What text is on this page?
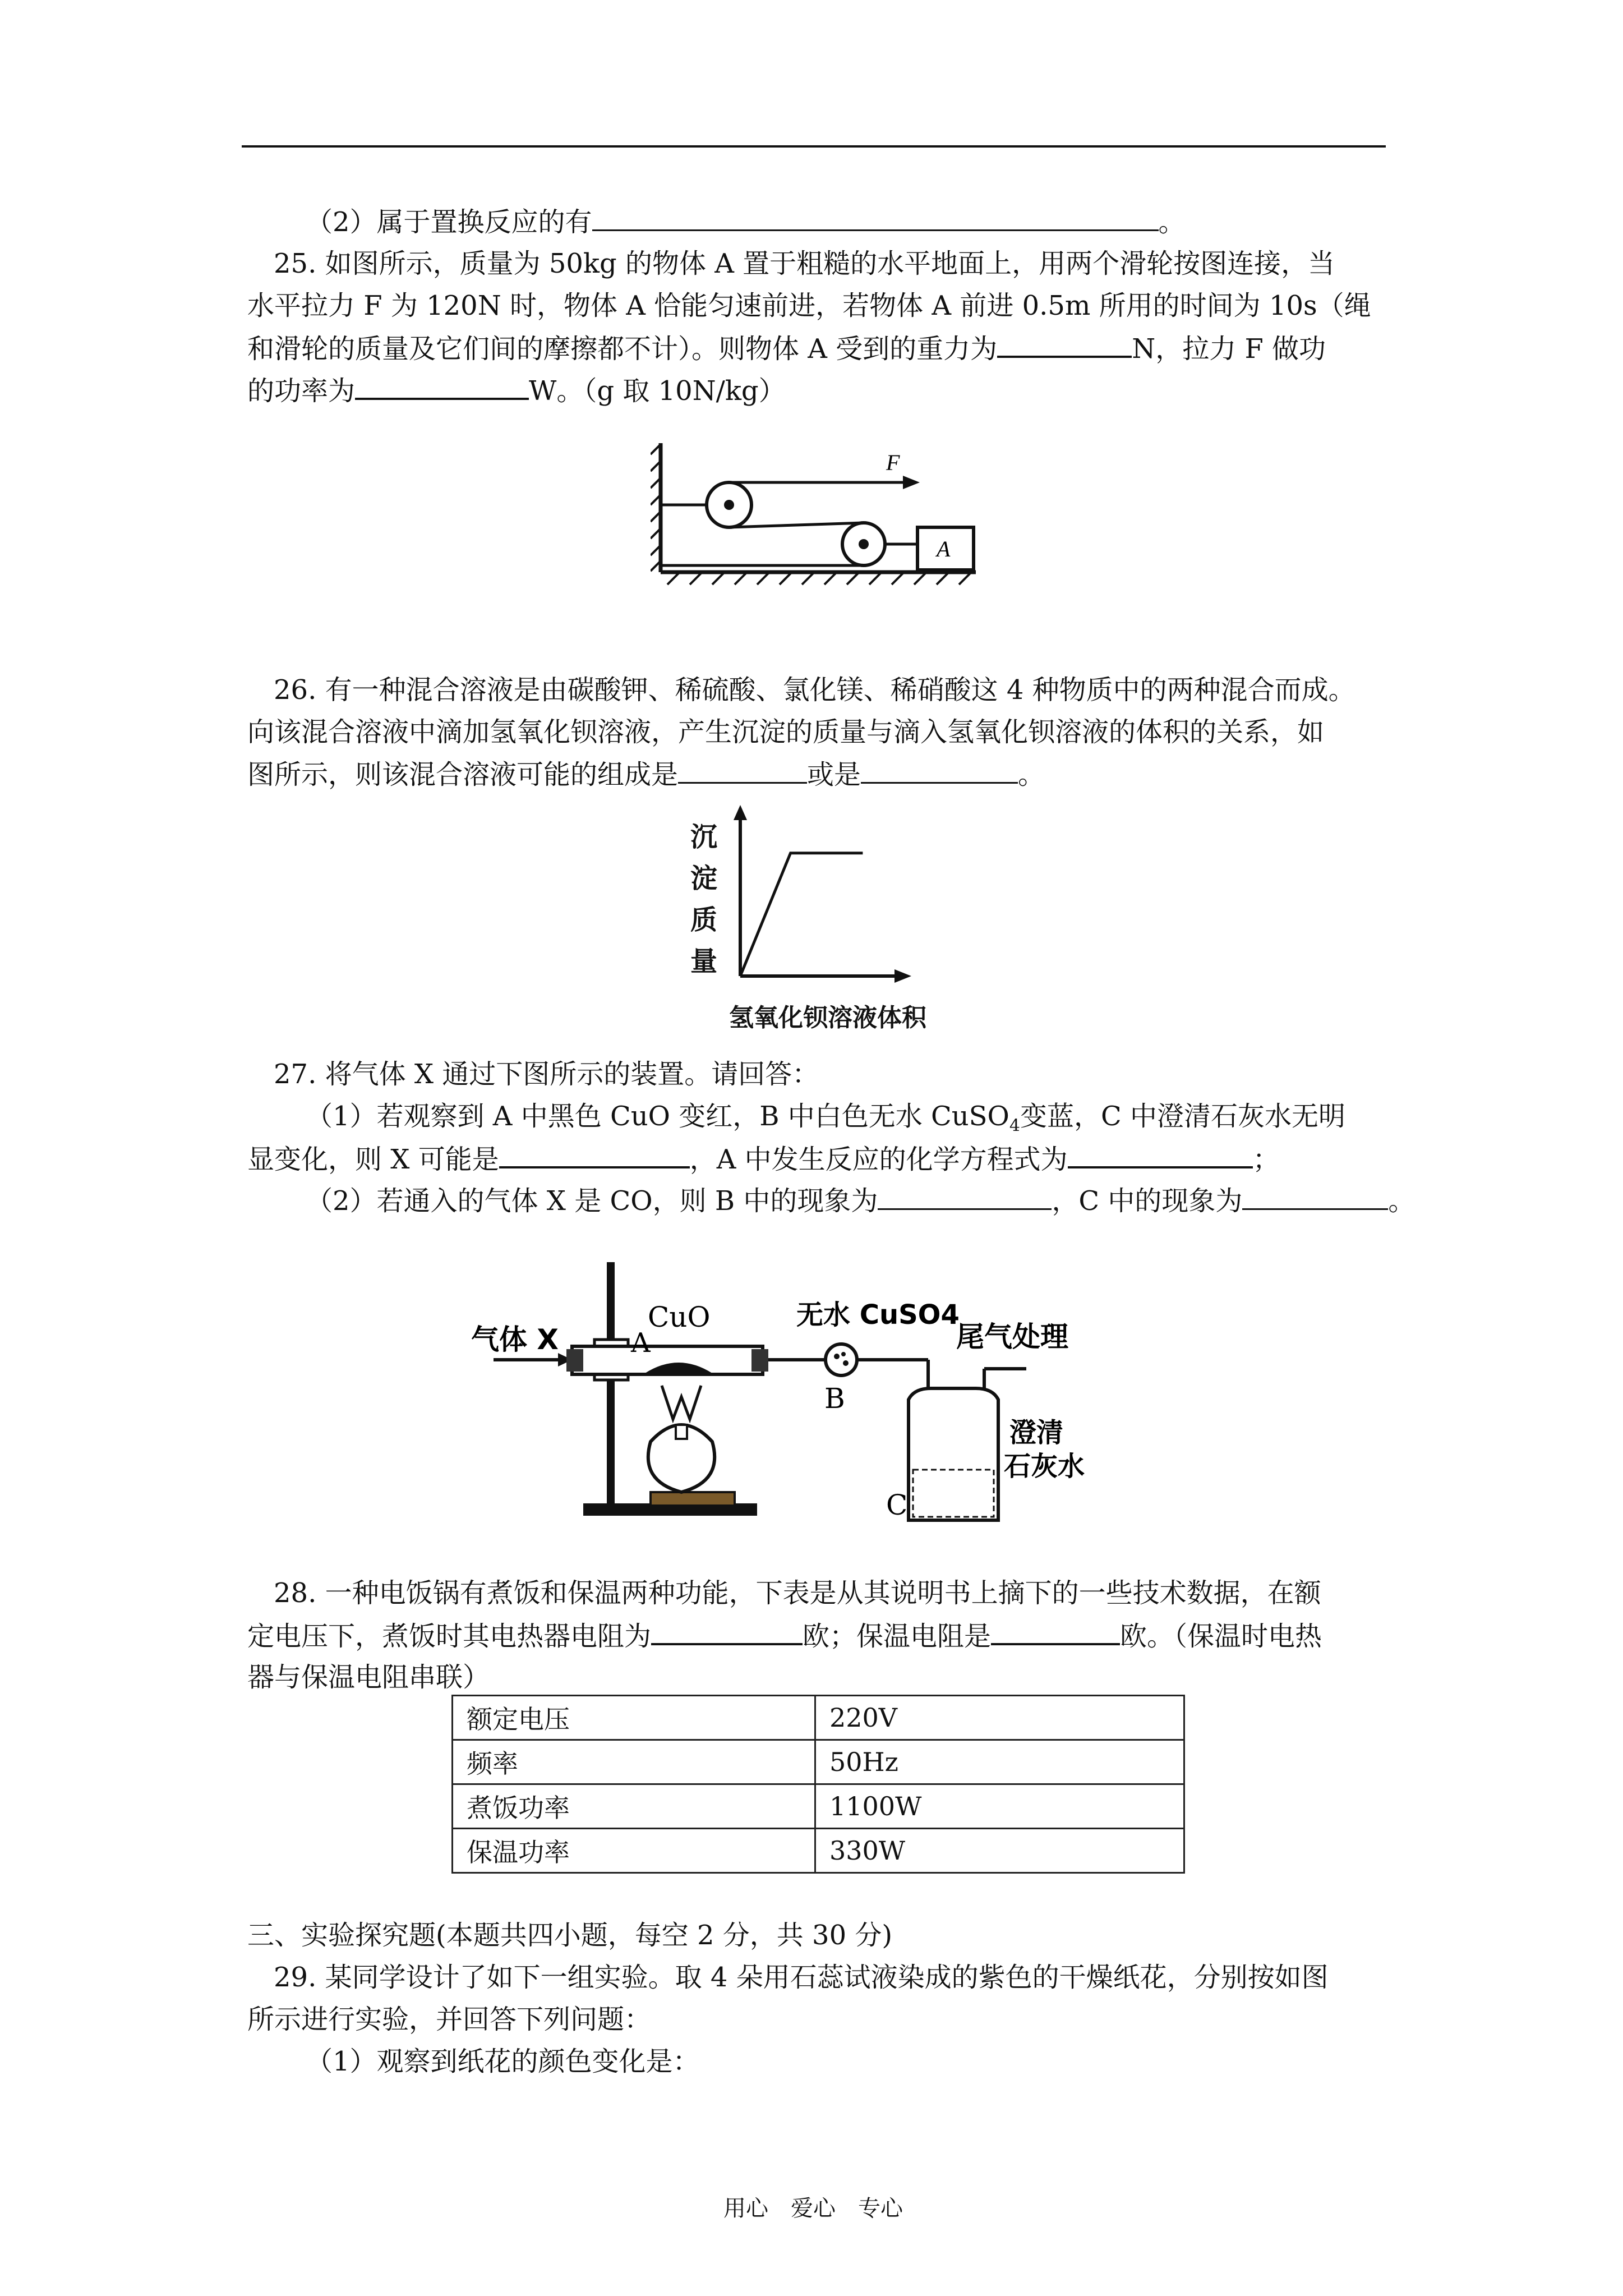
（2）属于置换反应的有	。
25. 如图所示，质量为 50kg 的物体 A 置于粗糙的水平地面上，用两个滑轮按图连接，当
水平拉力 F 为 120N 时，物体 A 恰能匀速前进，若物体 A 前进 0.5m 所用的时间为 10s（绳
和滑轮的质量及它们间的摩擦都不计）。则物体 A 受到的重力为	N，拉力 F 做功
的功率为	W。（g 取 10N/kg）
F
A
26. 有一种混合溶液是由碳酸钾、稀硫酸、氯化镁、稀硝酸这 4 种物质中的两种混合而成。
向该混合溶液中滴加氢氧化钡溶液，产生沉淀的质量与滴入氢氧化钡溶液的体积的关系，如
图所示，则该混合溶液可能的组成是	或是	。
沉淀质量
氢氧化钡溶液体积
27. 将气体 X 通过下图所示的装置。请回答：
（1）若观察到 A 中黑色 CuO 变红，B 中白色无水 CuSO$_4$变蓝，C 中澄清石灰水无明
显变化，则 X 可能是	，A 中发生反应的化学方程式为	；
（2）若通入的气体 X 是 CO，则 B 中的现象为	，C 中的现象为	。
气体 X	A
CuO	无水 CuSO4
尾气处理
B
C
澄清
石灰水
28. 一种电饭锅有煮饭和保温两种功能，下表是从其说明书上摘下的一些技术数据，在额
定电压下，煮饭时其电热器电阻为	欧；保温电阻是	欧。（保温时电热
器与保温电阻串联）
额定电压	220V
频率	50Hz
煮饭功率	1100W
保温功率	330W
三、实验探究题(本题共四小题，每空 2 分，共 30 分)
29. 某同学设计了如下一组实验。取 4 朵用石蕊试液染成的紫色的干燥纸花，分别按如图
所示进行实验，并回答下列问题：
（1）观察到纸花的颜色变化是：
用心　爱心　专心
